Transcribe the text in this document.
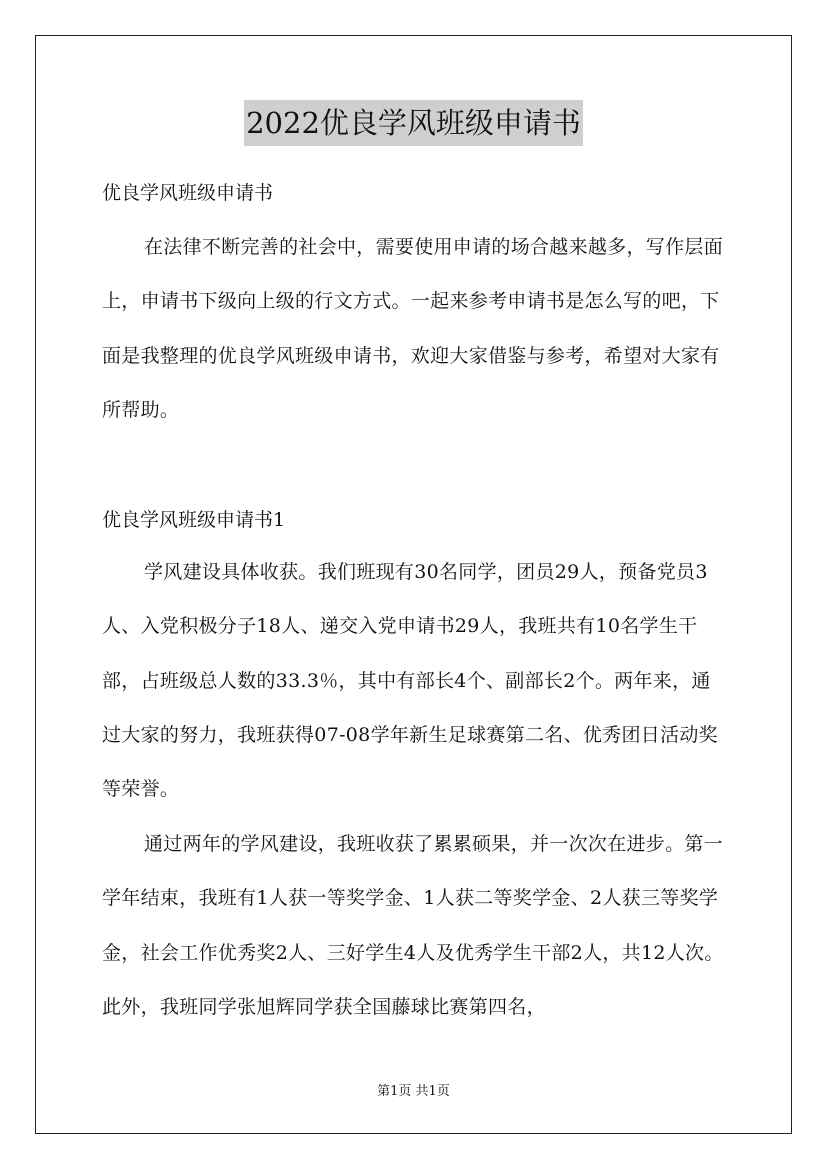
2022优良学风班级申请书

优良学风班级申请书

在法律不断完善的社会中，需要使用申请的场合越来越多，写作层面上，申请书下级向上级的行文方式。一起来参考申请书是怎么写的吧，下面是我整理的优良学风班级申请书，欢迎大家借鉴与参考，希望对大家有所帮助。

优良学风班级申请书1

学风建设具体收获。我们班现有30名同学，团员29人，预备党员3人、入党积极分子18人、递交入党申请书29人，我班共有10名学生干部，占班级总人数的33.3％，其中有部长4个、副部长2个。两年来，通过大家的努力，我班获得07-08学年新生足球赛第二名、优秀团日活动奖等荣誉。

通过两年的学风建设，我班收获了累累硕果，并一次次在进步。第一学年结束，我班有1人获一等奖学金、1人获二等奖学金、2人获三等奖学金，社会工作优秀奖2人、三好学生4人及优秀学生干部2人，共12人次。此外，我班同学张旭辉同学获全国藤球比赛第四名，

第1页 共1页
